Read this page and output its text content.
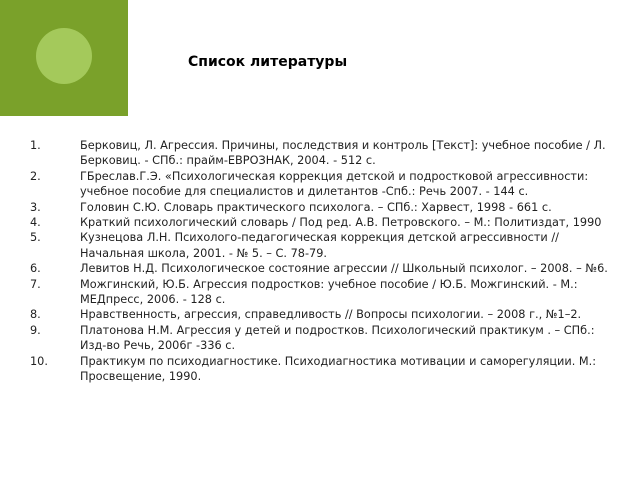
Список литературы
1.	Берковиц, Л. Агрессия. Причины, последствия и контроль [Текст]: учебное пособие / Л. Берковиц. - СПб.: прайм-ЕВРОЗНАК, 2004. - 512 с.
2.	ГБреслав.Г.Э. «Психологическая коррекция детской и подростковой агрессивности: учебное пособие для специалистов и дилетантов -Спб.: Речь 2007. - 144 с.
3.	Головин С.Ю. Словарь практического психолога. – СПб.: Харвест, 1998 - 661 с.
4.	Краткий психологический словарь / Под ред. А.В. Петровского. – М.: Политиздат, 1990
5.	Кузнецова Л.Н. Психолого-педагогическая коррекция детской агрессивности //Начальная школа, 2001. - № 5. – С. 78-79.
6.	Левитов Н.Д. Психологическое состояние агрессии // Школьный психолог. – 2008. – №6.
7.	Можгинский, Ю.Б. Агрессия подростков: учебное пособие / Ю.Б. Можгинский. - М.: МЕДпресс, 2006. - 128 с.
8.	Нравственность, агрессия, справедливость // Вопросы психологии. – 2008 г., №1–2.
9.	Платонова Н.М. Агрессия у детей и подростков. Психологический практикум . – СПб.: Изд-во Речь, 2006г -336 с.
10.	Практикум по психодиагностике. Психодиагностика мотивации и саморегуляции. М.: Просвещение, 1990.
